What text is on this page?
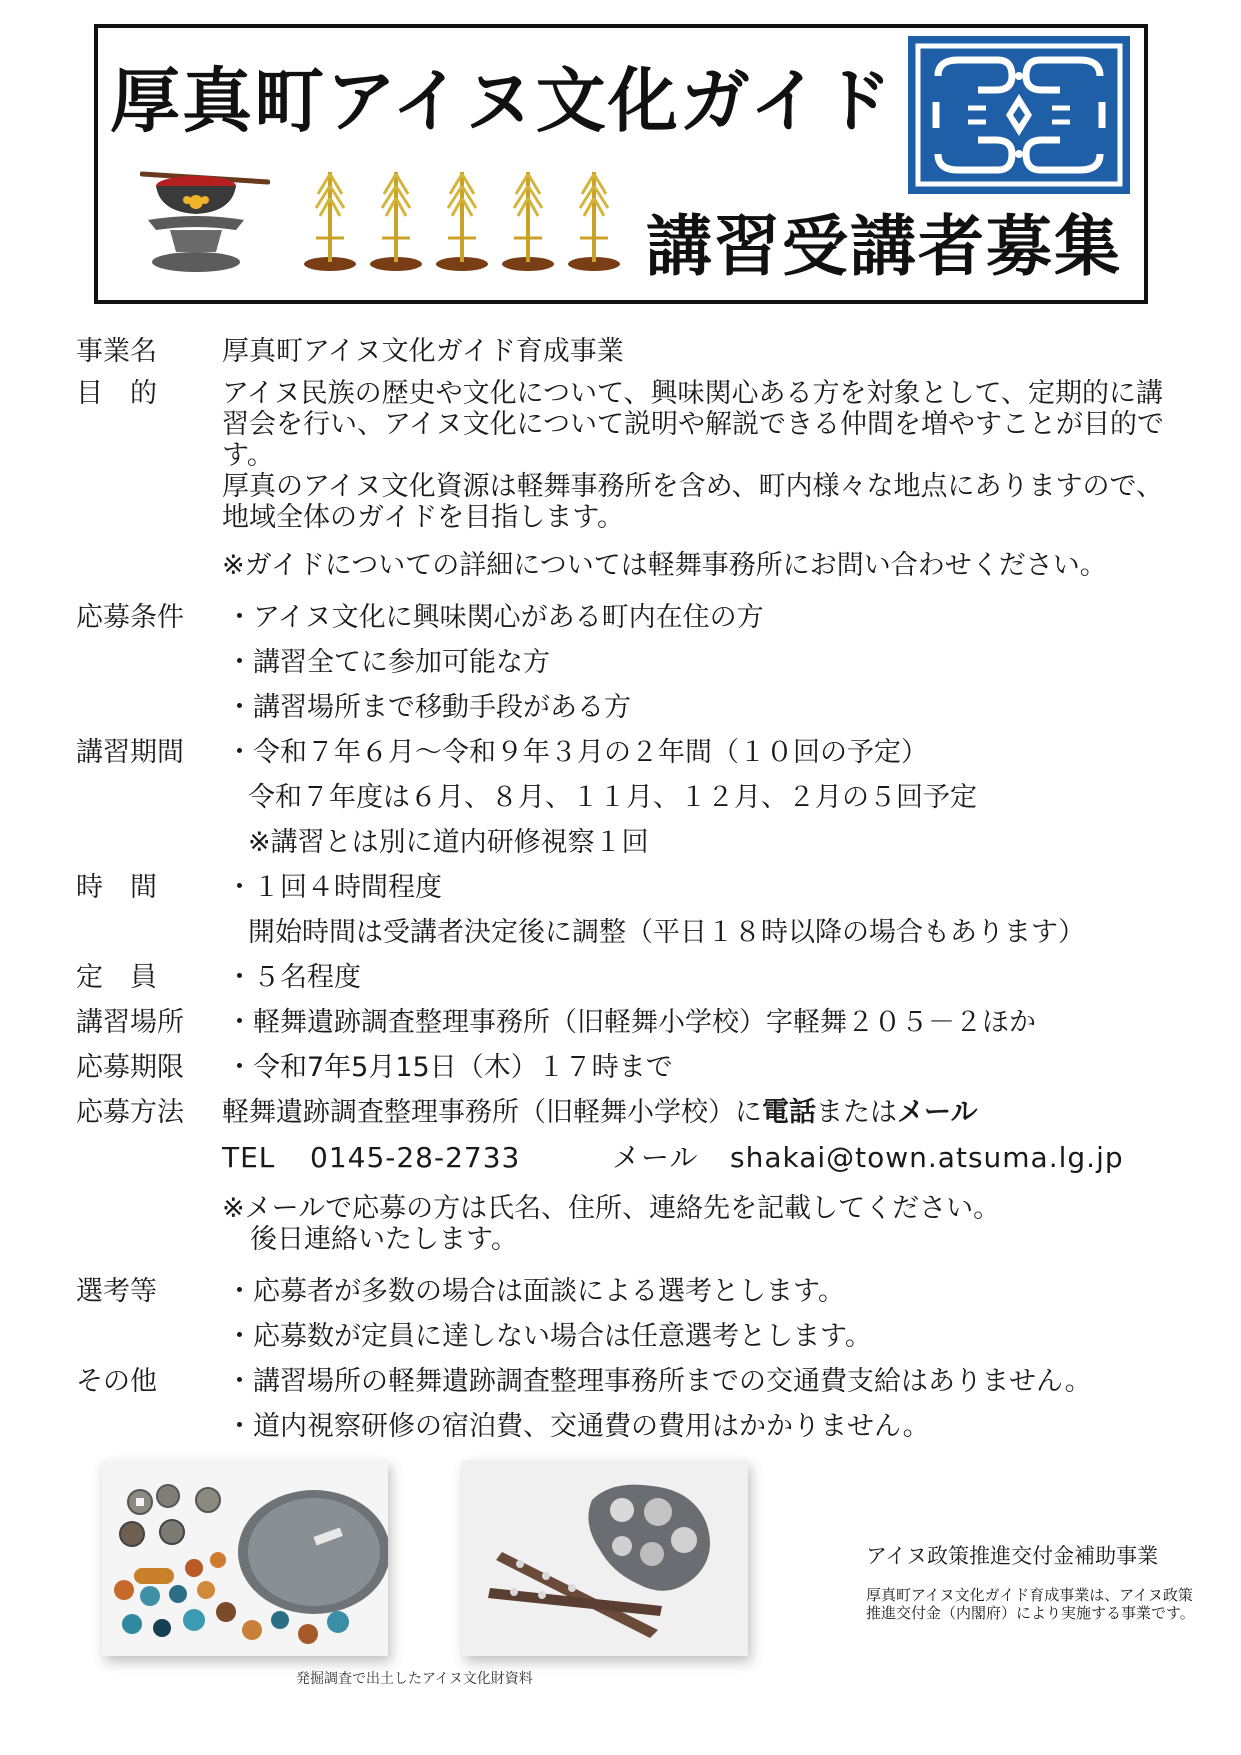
厚真町アイヌ文化ガイド
講習受講者募集
事業名 厚真町アイヌ文化ガイド育成事業
目　的 アイヌ民族の歴史や文化について、興味関心ある方を対象として、定期的に講習会を行い、アイヌ文化について説明や解説できる仲間を増やすことが目的です。
厚真のアイヌ文化資源は軽舞事務所を含め、町内様々な地点にありますので、地域全体のガイドを目指します。
※ガイドについての詳細については軽舞事務所にお問い合わせください。
応募条件 ・アイヌ文化に興味関心がある町内在住の方
・講習全てに参加可能な方
・講習場所まで移動手段がある方
講習期間 ・令和７年６月～令和９年３月の２年間（１０回の予定）
令和７年度は６月、８月、１１月、１２月、２月の５回予定
※講習とは別に道内研修視察１回
時　間	・１回４時間程度
開始時間は受講者決定後に調整（平日１８時以降の場合もあります）
定　員	・５名程度
講習場所 ・軽舞遺跡調査整理事務所（旧軽舞小学校）字軽舞２０５－２ほか
応募期限 ・令和7年5月15日（木）１７時まで
応募方法 軽舞遺跡調査整理事務所（旧軽舞小学校）に電話またはメール
TEL 0145-28-2733	メール shakai@town.atsuma.lg.jp
※メールで応募の方は氏名、住所、連絡先を記載してください。
後日連絡いたします。
選考等	・応募者が多数の場合は面談による選考とします。
・応募数が定員に達しない場合は任意選考とします。
その他	・講習場所の軽舞遺跡調査整理事務所までの交通費支給はありません。
・道内視察研修の宿泊費、交通費の費用はかかりません。
発掘調査で出土したアイヌ文化財資料
アイヌ政策推進交付金補助事業
厚真町アイヌ文化ガイド育成事業は、アイヌ政策推進交付金（内閣府）により実施する事業です。
